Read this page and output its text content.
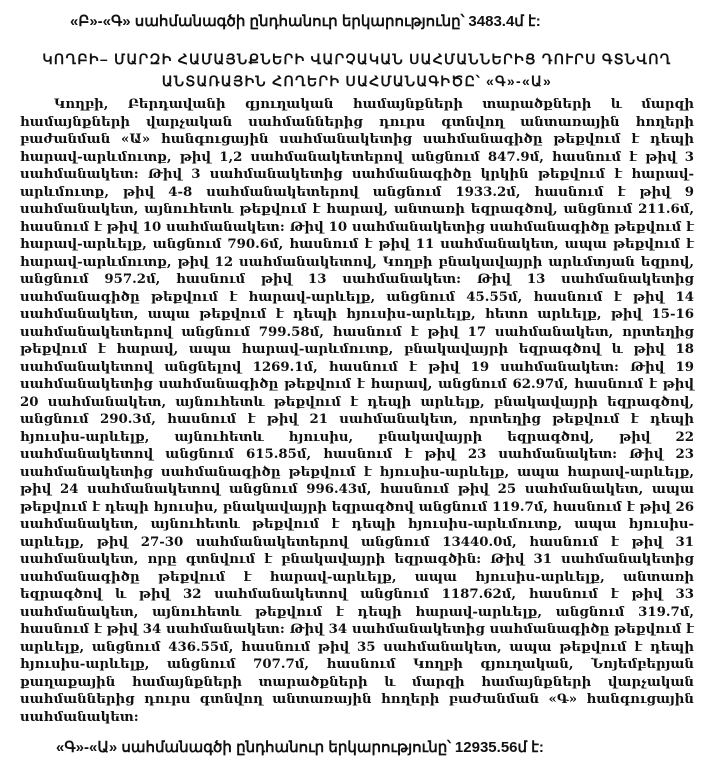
«Բ»-«Գ» սահմանագծի ընդհանուր երկարությունը՝ 3483.4մ է:
ԿՈՂԲԻ– ՄԱՐԶԻ ՀԱՄԱՅՆՔՆԵՐԻ ՎԱՐՉԱԿԱՆ ՍԱՀՄԱՆՆԵՐԻՑ ԴՈՒՐՍ ԳՏՆՎՈՂ
ԱՆՏԱՌԱՅԻՆ ՀՈՂԵՐԻ ՍԱՀՄԱՆԱԳԻԾԸ՝ «Գ»-«Ա»

Կողբի, Բերդավանի գյուղական համայնքների տարածքների և մարզի համայնքների վարչական սահմաններից դուրս գտնվող անտառային հողերի բաժանման «Ա» հանգուցային սահմանակետից սահմանագիծը թեքվում է դեպի հարավ-արևմուտք, թիվ 1,2 սահմանակետերով անցնում 847.9մ, հասնում է թիվ 3 սահմանակետ: Թիվ 3 սահմանակետից սահմանագիծը կրկին թեքվում է հարավ-արևմուտք, թիվ 4-8 սահմանակետերով անցնում 1933.2մ, հասնում է թիվ 9 սահմանակետ, այնուհետև թեքվում է հարավ, անտառի եզրագծով, անցնում 211.6մ, հասնում է թիվ 10 սահմանակետ: Թիվ 10 սահմանակետից սահմանագիծը թեքվում է հարավ-արևելք, անցնում 790.6մ, հասնում է թիվ 11 սահմանակետ, ապա թեքվում է հարավ-արևմուտք, թիվ 12 սահմանակետով, Կողբի բնակավայրի արևմտյան եզրով, անցնում 957.2մ, հասնում թիվ 13 սահմանակետ: Թիվ 13 սահմանակետից սահմանագիծը թեքվում է հարավ-արևելք, անցնում 45.55մ, հասնում է թիվ 14 սահմանակետ, ապա թեքվում է դեպի հյուսիս-արևելք, հետո արևելք, թիվ 15-16 սահմանակետերով անցնում 799.58մ, հասնում է թիվ 17 սահմանակետ, որտեղից թեքվում է հարավ, ապա հարավ-արևմուտք, բնակավայրի եզրագծով և թիվ 18 սահմանակետով անցնելով 1269.1մ, հասնում է թիվ 19 սահմանակետ: Թիվ 19 սահմանակետից սահմանագիծը թեքվում է հարավ, անցնում 62.97մ, հասնում է թիվ 20 սահմանակետ, այնուհետև թեքվում է դեպի արևելք, բնակավայրի եզրագծով, անցնում 290.3մ, հասնում է թիվ 21 սահմանակետ, որտեղից թեքվում է դեպի հյուսիս-արևելք, այնուհետև հյուսիս, բնակավայրի եզրագծով, թիվ 22 սահմանակետով անցնում 615.85մ, հասնում է թիվ 23 սահմանակետ: Թիվ 23 սահմանակետից սահմանագիծը թեքվում է հյուսիս-արևելք, ապա հարավ-արևելք, թիվ 24 սահմանակետով անցնում 996.43մ, հասնում թիվ 25 սահմանակետ, ապա թեքվում է դեպի հյուսիս, բնակավայրի եզրագծով անցնում 119.7մ, հասնում է թիվ 26 սահմանակետ, այնուհետև թեքվում է դեպի հյուսիս-արևմուտք, ապա հյուսիս-արևելք, թիվ 27-30 սահմանակետերով անցնում 13440.0մ, հասնում է թիվ 31 սահմանակետ, որը գտնվում է բնակավայրի եզրագծին: Թիվ 31 սահմանակետից սահմանագիծը թեքվում է հարավ-արևելք, ապա հյուսիս-արևելք, անտառի եզրագծով և թիվ 32 սահմանակետով անցնում 1187.62մ, հասնում է թիվ 33 սահմանակետ, այնուհետև թեքվում է դեպի հարավ-արևելք, անցնում 319.7մ, հասնում է թիվ 34 սահմանակետ: Թիվ 34 սահմանակետից սահմանագիծը թեքվում է արևելք, անցնում 436.55մ, հասնում թիվ 35 սահմանակետ, ապա թեքվում է դեպի հյուսիս-արևելք, անցնում 707.7մ, հասնում Կողբի գյուղական, Նոյեմբերյան քաղաքային համայնքների տարածքների և մարզի համայնքների վարչական սահմաններից դուրս գտնվող անտառային հողերի բաժանման «Գ» հանգուցային սահմանակետ:

«Գ»-«Ա» սահմանագծի ընդհանուր երկարությունը՝ 12935.56մ է:
